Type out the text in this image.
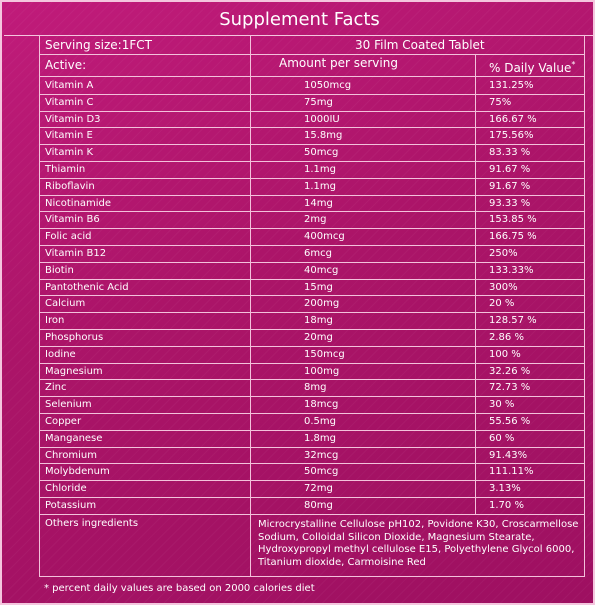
Supplement Facts
Serving size:1FCT	30 Film Coated Tablet
Active:	Amount per serving	% Daily Value*
Vitamin A	1050mcg	131.25%
Vitamin C	75mg	75%
Vitamin D3	1000IU	166.67 %
Vitamin E	15.8mg	175.56%
Vitamin K	50mcg	83.33 %
Thiamin	1.1mg	91.67 %
Riboflavin	1.1mg	91.67 %
Nicotinamide	14mg	93.33 %
Vitamin B6	2mg	153.85 %
Folic acid	400mcg	166.75 %
Vitamin B12	6mcg	250%
Biotin	40mcg	133.33%
Pantothenic Acid	15mg	300%
Calcium	200mg	20 %
Iron	18mg	128.57 %
Phosphorus	20mg	2.86 %
Iodine	150mcg	100 %
Magnesium	100mg	32.26 %
Zinc	8mg	72.73 %
Selenium	18mcg	30 %
Copper	0.5mg	55.56 %
Manganese	1.8mg	60 %
Chromium	32mcg	91.43%
Molybdenum	50mcg	111.11%
Chloride	72mg	3.13%
Potassium	80mg	1.70 %
Others ingredients	Microcrystalline Cellulose pH102, Povidone K30, Croscarmellose
Sodium, Colloidal Silicon Dioxide, Magnesium Stearate,
Hydroxypropyl methyl cellulose E15, Polyethylene Glycol 6000,
Titanium dioxide, Carmoisine Red
* percent daily values are based on 2000 calories diet
